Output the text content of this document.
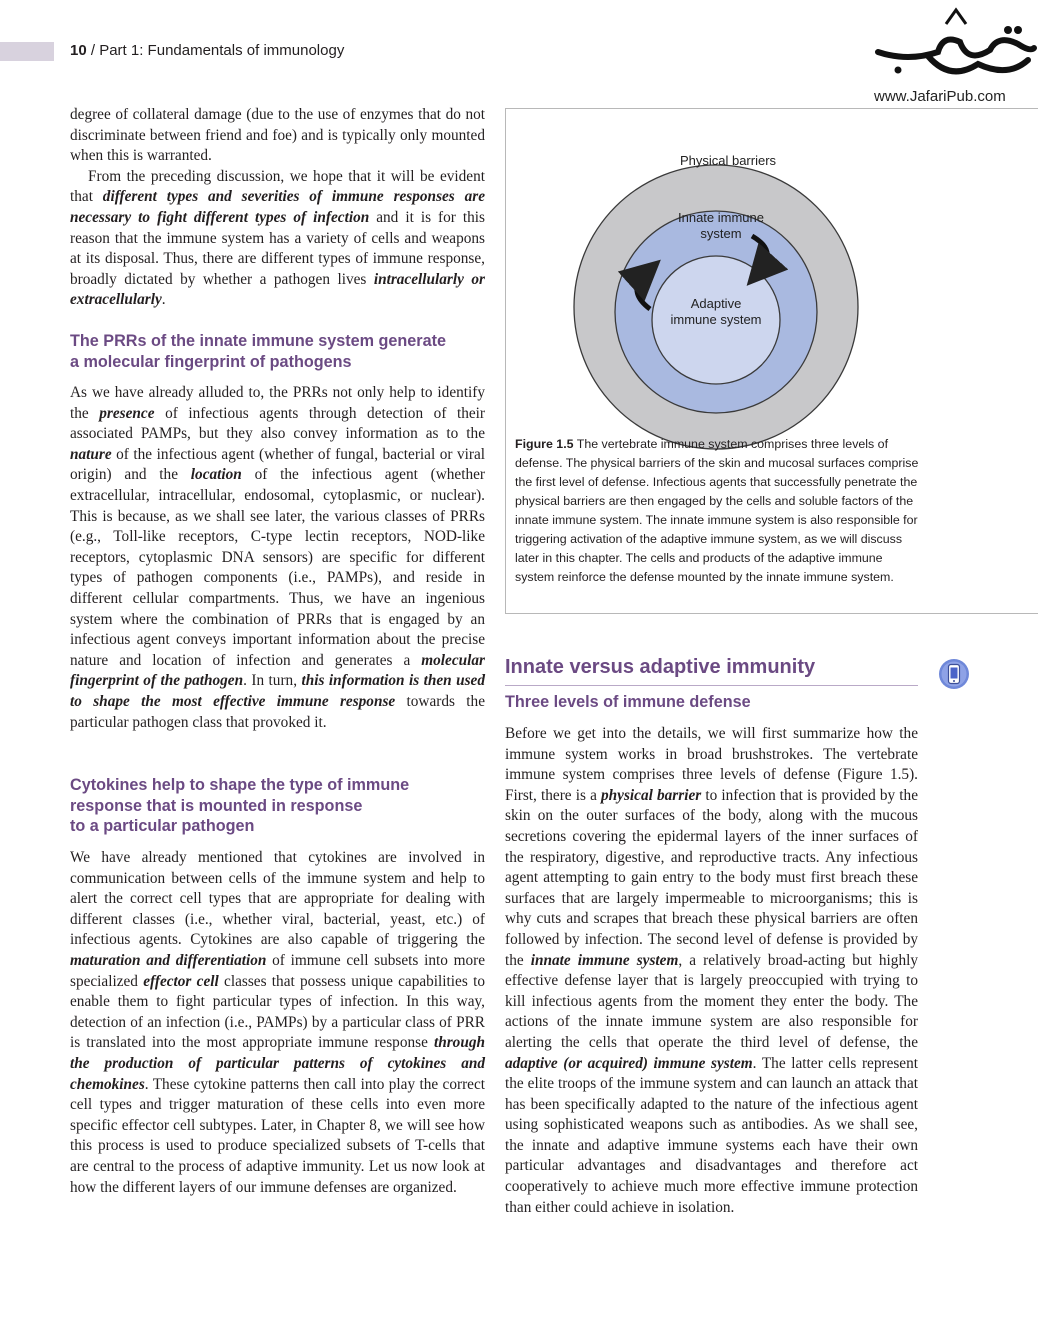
10 / Part 1: Fundamentals of immunology
www.JafariPub.com

degree of collateral damage (due to the use of enzymes that do not discriminate between friend and foe) and is typically only mounted when this is warranted.

From the preceding discussion, we hope that it will be evident that different types and severities of immune responses are necessary to fight different types of infection and it is for this reason that the immune system has a variety of cells and weapons at its disposal. Thus, there are different types of immune response, broadly dictated by whether a pathogen lives intracellularly or extracellularly.

The PRRs of the innate immune system generate
a molecular fingerprint of pathogens

As we have already alluded to, the PRRs not only help to identify the presence of infectious agents through detection of their associated PAMPs, but they also convey information as to the nature of the infectious agent (whether of fungal, bacterial or viral origin) and the location of the infectious agent (whether extracellular, intracellular, endosomal, cytoplasmic, or nuclear). This is because, as we shall see later, the various classes of PRRs (e.g., Toll-like receptors, C-type lectin receptors, NOD-like receptors, cytoplasmic DNA sensors) are specific for different types of pathogen components (i.e., PAMPs), and reside in different cellular compartments. Thus, we have an ingenious system where the combination of PRRs that is engaged by an infectious agent conveys important information about the precise nature and location of infection and generates a molecular fingerprint of the pathogen. In turn, this information is then used to shape the most effective immune response towards the particular pathogen class that provoked it.

Cytokines help to shape the type of immune
response that is mounted in response
to a particular pathogen

We have already mentioned that cytokines are involved in communication between cells of the immune system and help to alert the correct cell types that are appropriate for dealing with different classes (i.e., whether viral, bacterial, yeast, etc.) of infectious agents. Cytokines are also capable of triggering the maturation and differentiation of immune cell subsets into more specialized effector cell classes that possess unique capabilities to enable them to fight particular types of infection. In this way, detection of an infection (i.e., PAMPs) by a particular class of PRR is translated into the most appropriate immune response through the production of particular patterns of cytokines and chemokines. These cytokine patterns then call into play the correct cell types and trigger maturation of these cells into even more specific effector cell subtypes. Later, in Chapter 8, we will see how this process is used to produce specialized subsets of T-cells that are central to the process of adaptive immunity. Let us now look at how the different layers of our immune defenses are organized.

Physical barriers
Innate immune
system
Adaptive
immune system
Figure 1.5 The vertebrate immune system comprises three levels of defense. The physical barriers of the skin and mucosal surfaces comprise the first level of defense. Infectious agents that successfully penetrate the physical barriers are then engaged by the cells and soluble factors of the innate immune system. The innate immune system is also responsible for triggering activation of the adaptive immune system, as we will discuss later in this chapter. The cells and products of the adaptive immune system reinforce the defense mounted by the innate immune system.
Innate versus adaptive immunity
Three levels of immune defense

Before we get into the details, we will first summarize how the immune system works in broad brushstrokes. The vertebrate immune system comprises three levels of defense (Figure 1.5). First, there is a physical barrier to infection that is provided by the skin on the outer surfaces of the body, along with the mucous secretions covering the epidermal layers of the inner surfaces of the respiratory, digestive, and reproductive tracts. Any infectious agent attempting to gain entry to the body must first breach these surfaces that are largely impermeable to microorganisms; this is why cuts and scrapes that breach these physical barriers are often followed by infection. The second level of defense is provided by the innate immune system, a relatively broad-acting but highly effective defense layer that is largely preoccupied with trying to kill infectious agents from the moment they enter the body. The actions of the innate immune system are also responsible for alerting the cells that operate the third level of defense, the adaptive (or acquired) immune system. The latter cells represent the elite troops of the immune system and can launch an attack that has been specifically adapted to the nature of the infectious agent using sophisticated weapons such as antibodies. As we shall see, the innate and adaptive immune systems each have their own particular advantages and disadvantages and therefore act cooperatively to achieve much more effective immune protection than either could achieve in isolation.
